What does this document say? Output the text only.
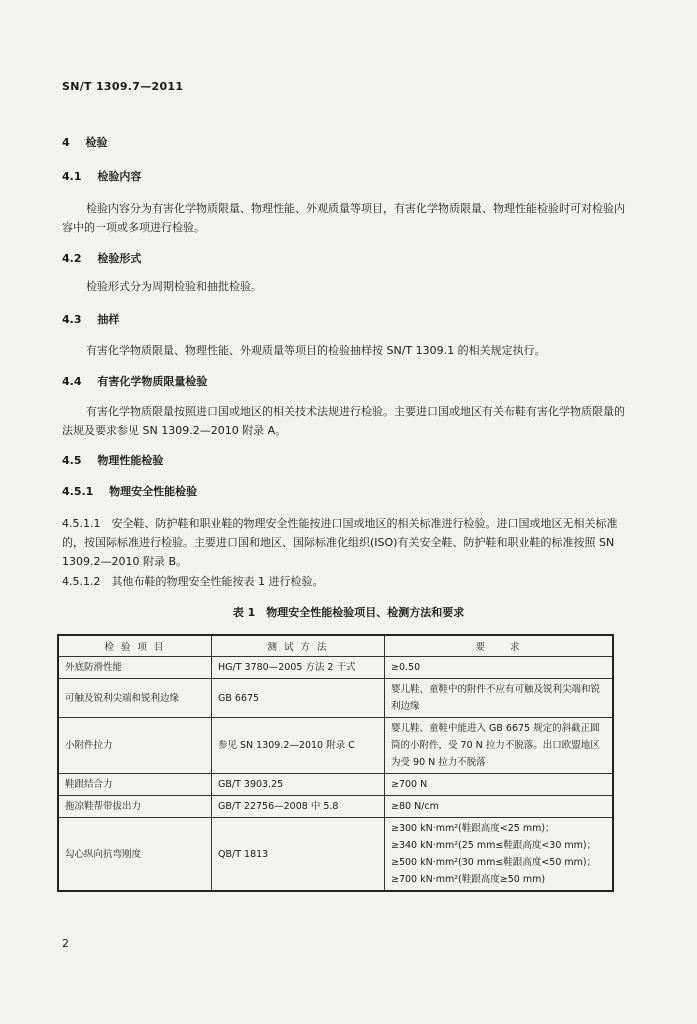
SN/T 1309.7—2011
4 检验
4.1 检验内容
检验内容分为有害化学物质限量、物理性能、外观质量等项目，有害化学物质限量、物理性能检验时可对检验内容中的一项或多项进行检验。
4.2 检验形式
检验形式分为周期检验和抽批检验。
4.3 抽样
有害化学物质限量、物理性能、外观质量等项目的检验抽样按 SN/T 1309.1 的相关规定执行。
4.4 有害化学物质限量检验
有害化学物质限量按照进口国或地区的相关技术法规进行检验。主要进口国或地区有关布鞋有害化学物质限量的法规及要求参见 SN 1309.2—2010 附录 A。
4.5 物理性能检验
4.5.1 物理安全性能检验
4.5.1.1　安全鞋、防护鞋和职业鞋的物理安全性能按进口国或地区的相关标准进行检验。进口国或地区无相关标准的，按国际标准进行检验。主要进口国和地区、国际标准化组织(ISO)有关安全鞋、防护鞋和职业鞋的标准按照 SN 1309.2—2010 附录 B。
4.5.1.2　其他布鞋的物理安全性能按表 1 进行检验。
表 1　物理安全性能检验项目、检测方法和要求
检 验 项 目	测 试 方 法	要　　求
外底防滑性能	HG/T 3780—2005 方法 2 干式	≥0.50
可触及锐利尖端和锐利边缘	GB 6675	婴儿鞋、童鞋中的附件不应有可触及锐利尖端和锐利边缘
小附件拉力	参见 SN 1309.2—2010 附录 C	婴儿鞋、童鞋中能进入 GB 6675 规定的斜截正圆筒的小附件，受 70 N 拉力不脱落。出口欧盟地区为受 90 N 拉力不脱落
鞋跟结合力	GB/T 3903.25	≥700 N
拖凉鞋帮带拔出力	GB/T 22756—2008 中 5.8	≥80 N/cm
勾心纵向抗弯刚度	QB/T 1813	≥300 kN·mm²(鞋跟高度<25 mm)；
≥340 kN·mm²(25 mm≤鞋跟高度<30 mm)；
≥500 kN·mm²(30 mm≤鞋跟高度<50 mm)；
≥700 kN·mm²(鞋跟高度≥50 mm)
2
